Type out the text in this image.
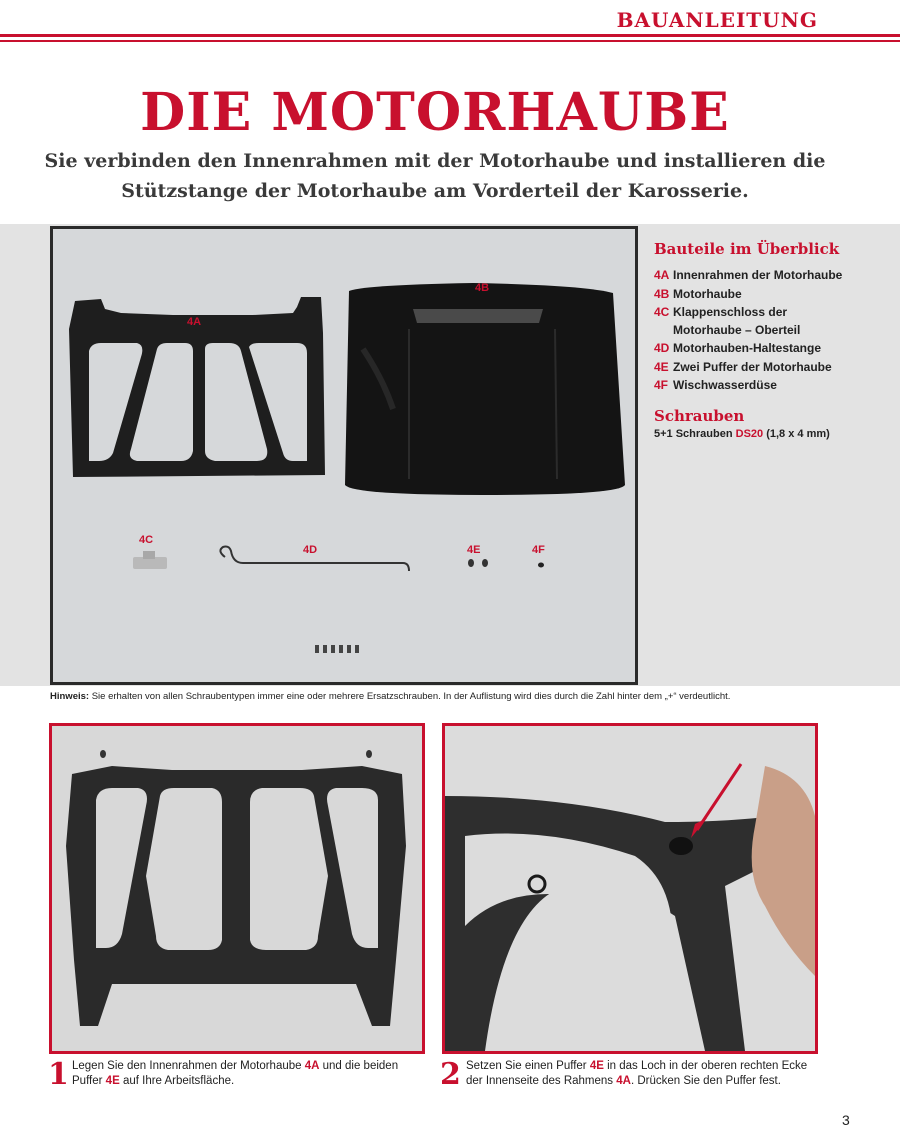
BAUANLEITUNG
DIE MOTORHAUBE
Sie verbinden den Innenrahmen mit der Motorhaube und installieren die Stützstange der Motorhaube am Vorderteil der Karosserie.
4A
4B
4C
4D	4E	4F
Bauteile im Überblick
4A Innenrahmen der Motorhaube
4B Motorhaube
4C Klappenschloss der
Motorhaube – Oberteil
4D Motorhauben-Haltestange
4E Zwei Puffer der Motorhaube
4F Wischwasserdüse
Schrauben
5+1 Schrauben DS20 (1,8 x 4 mm)
Hinweis: Sie erhalten von allen Schraubentypen immer eine oder mehrere Ersatzschrauben. In der Auflistung wird dies durch die Zahl hinter dem „+“ verdeutlicht.
1 Legen Sie den Innenrahmen der Motorhaube 4A und die beiden
Puffer 4E auf Ihre Arbeitsfläche.	2 Setzen Sie einen Puffer 4E in das Loch in der oberen rechten Ecke
der Innenseite des Rahmens 4A. Drücken Sie den Puffer fest.
3
